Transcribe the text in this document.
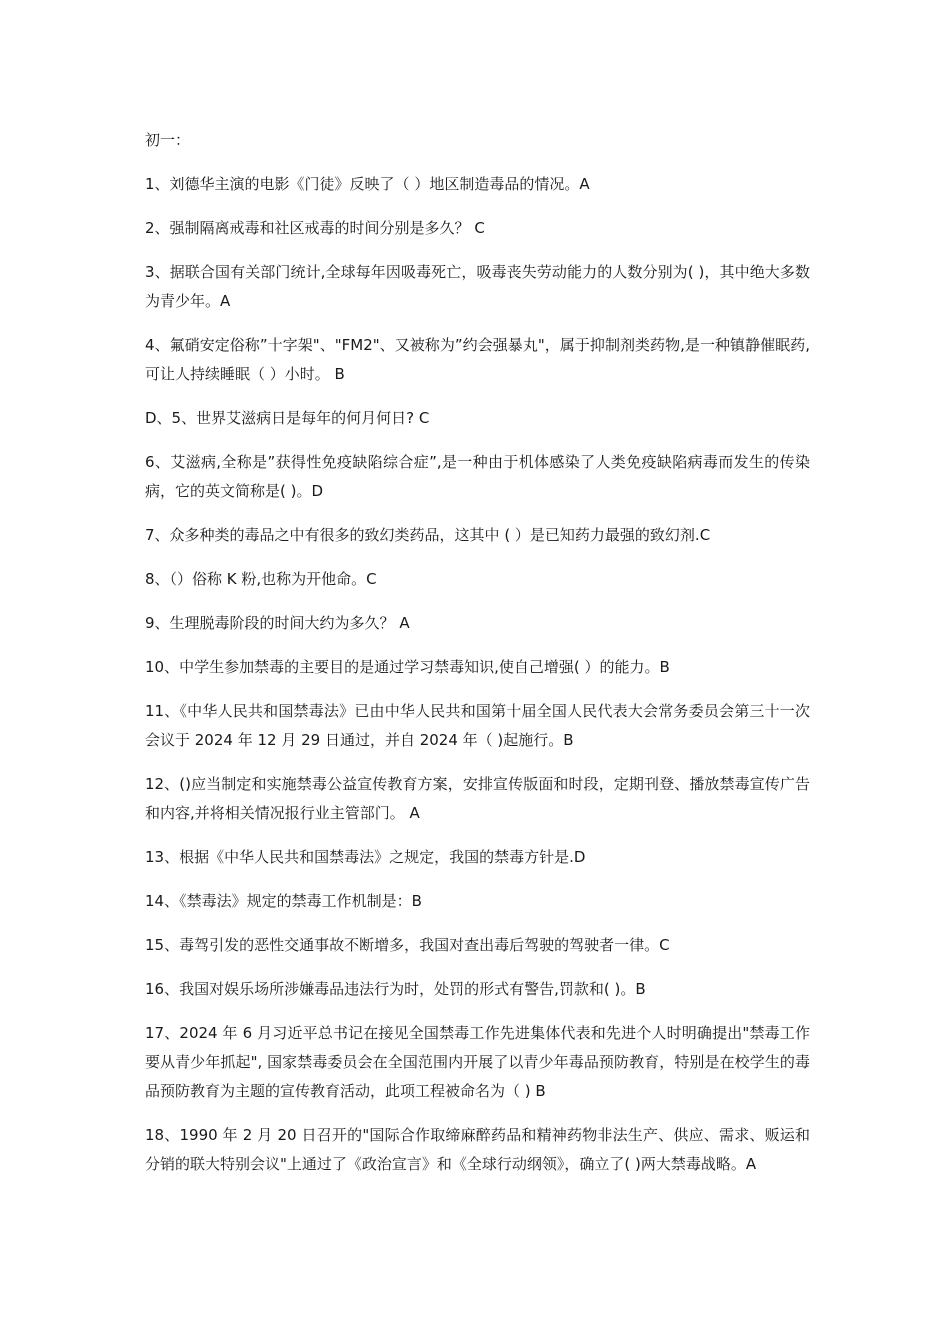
初一：

1、刘德华主演的电影《门徒》反映了（ ）地区制造毒品的情况。A

2、强制隔离戒毒和社区戒毒的时间分别是多久？ C

3、据联合国有关部门统计,全球每年因吸毒死亡，吸毒丧失劳动能力的人数分别为( )，其中绝大多数为青少年。A

4、氟硝安定俗称”十字架"、"FM2"、又被称为”约会强暴丸"，属于抑制剂类药物,是一种镇静催眠药,可让人持续睡眠（ ）小时。 B

D、5、世界艾滋病日是每年的何月何日? C

6、艾滋病,全称是”获得性免疫缺陷综合症”,是一种由于机体感染了人类免疫缺陷病毒而发生的传染病，它的英文简称是( )。D

7、众多种类的毒品之中有很多的致幻类药品，这其中 ( ）是已知药力最强的致幻剂.C

8、（）俗称 K 粉,也称为开他命。C

9、生理脱毒阶段的时间大约为多久？ A

10、中学生参加禁毒的主要目的是通过学习禁毒知识,使自己增强( ）的能力。B

11、《中华人民共和国禁毒法》已由中华人民共和国第十届全国人民代表大会常务委员会第三十一次会议于 2024 年 12 月 29 日通过，并自 2024 年（ )起施行。B

12、()应当制定和实施禁毒公益宣传教育方案，安排宣传版面和时段，定期刊登、播放禁毒宣传广告和内容,并将相关情况报行业主管部门。 A

13、根据《中华人民共和国禁毒法》之规定，我国的禁毒方针是.D

14、《禁毒法》规定的禁毒工作机制是：B

15、毒驾引发的恶性交通事故不断增多，我国对查出毒后驾驶的驾驶者一律。C

16、我国对娱乐场所涉嫌毒品违法行为时，处罚的形式有警告,罚款和( )。B

17、2024 年 6 月习近平总书记在接见全国禁毒工作先进集体代表和先进个人时明确提出"禁毒工作要从青少年抓起", 国家禁毒委员会在全国范围内开展了以青少年毒品预防教育，特别是在校学生的毒品预防教育为主题的宣传教育活动，此项工程被命名为（ ) B

18、1990 年 2 月 20 日召开的"国际合作取缔麻醉药品和精神药物非法生产、供应、需求、贩运和分销的联大特别会议"上通过了《政治宣言》和《全球行动纲领》，确立了( )两大禁毒战略。A
